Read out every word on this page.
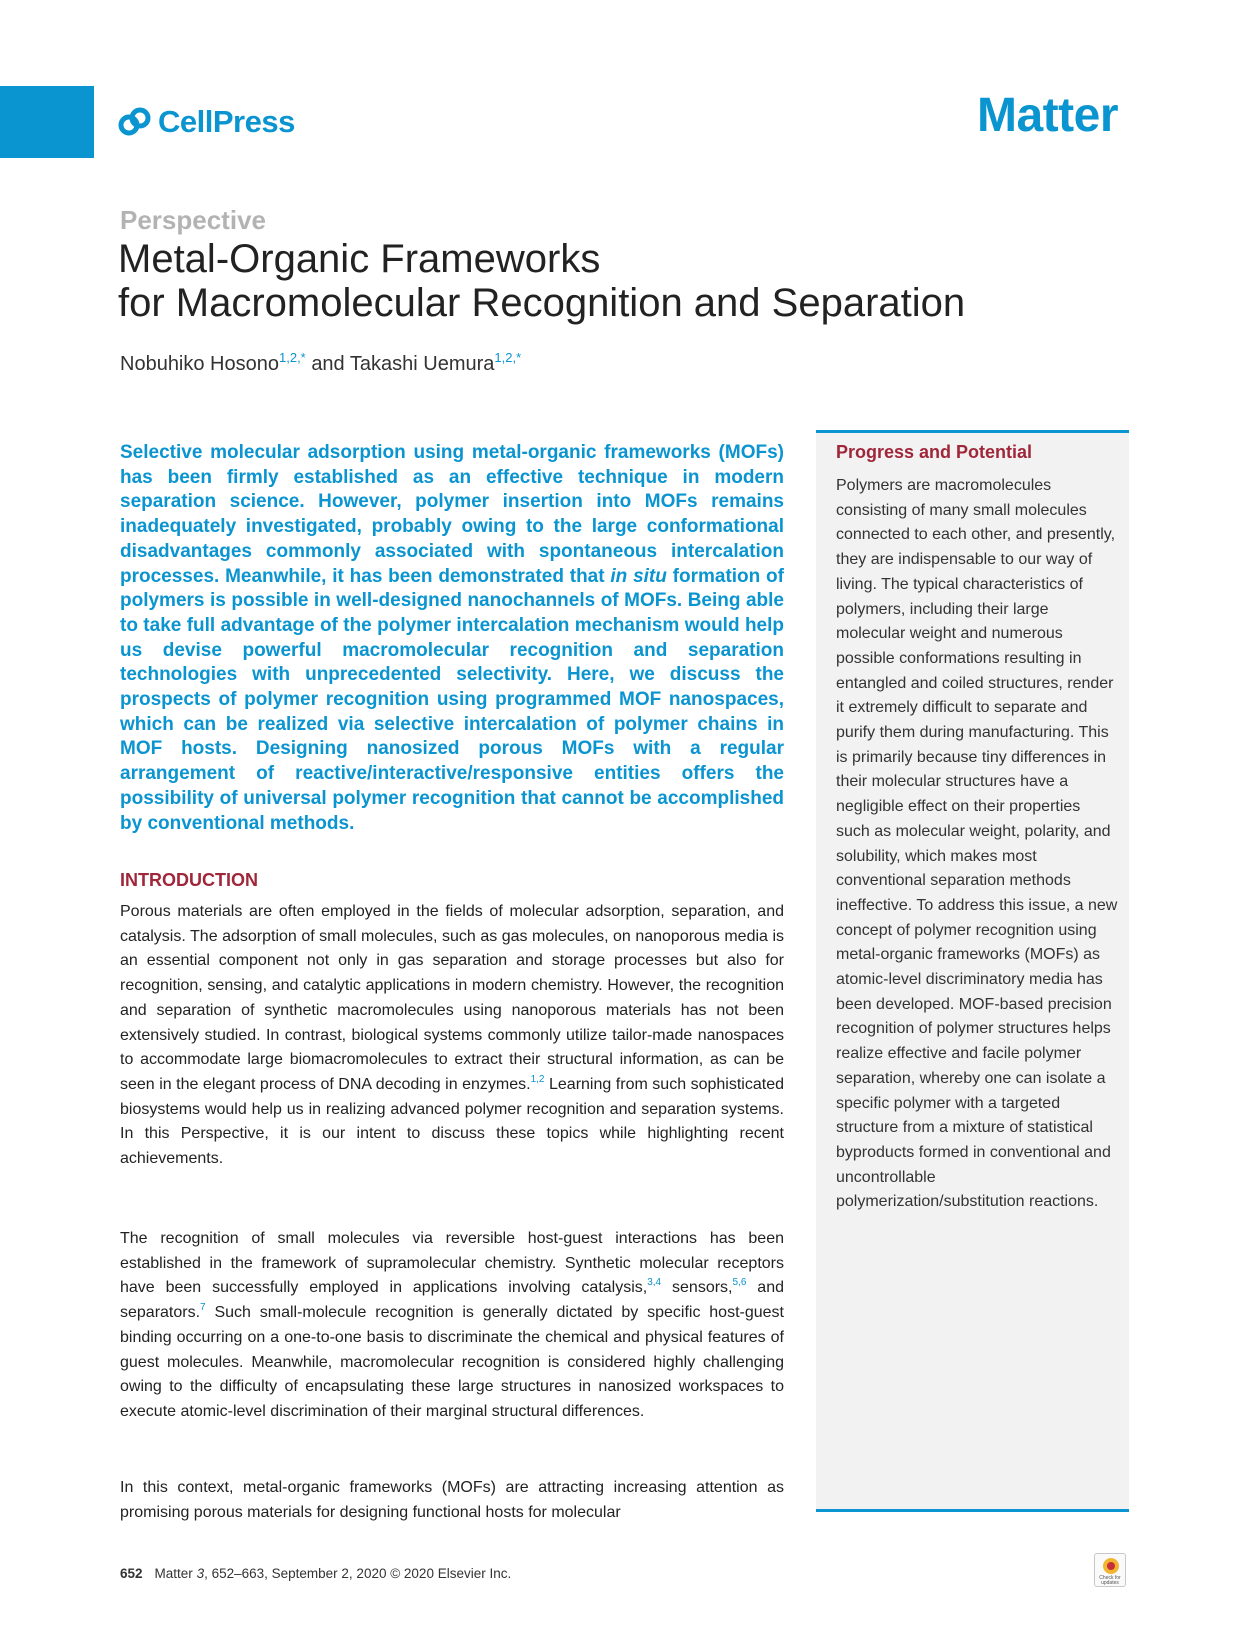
CellPress	Matter
Perspective
Metal-Organic Frameworks
for Macromolecular Recognition and Separation
Nobuhiko Hosono$^{1,2,*}$ and Takashi Uemura$^{1,2,*}$

Selective molecular adsorption using metal-organic frameworks (MOFs) has been firmly established as an effective technique in modern separation science. However, polymer insertion into MOFs remains inadequately investigated, probably owing to the large conformational disadvantages commonly associated with spontaneous intercalation processes. Meanwhile, it has been demonstrated that in situ formation of polymers is possible in well-designed nanochannels of MOFs. Being able to take full advantage of the polymer intercalation mechanism would help us devise powerful macromolecular recognition and separation technologies with unprecedented selectivity. Here, we discuss the prospects of polymer recognition using programmed MOF nanospaces, which can be realized via selective intercalation of polymer chains in MOF hosts. Designing nanosized porous MOFs with a regular arrangement of reactive/interactive/responsive entities offers the possibility of universal polymer recognition that cannot be accomplished by conventional methods.

INTRODUCTION

Porous materials are often employed in the fields of molecular adsorption, separation, and catalysis. The adsorption of small molecules, such as gas molecules, on nanoporous media is an essential component not only in gas separation and storage processes but also for recognition, sensing, and catalytic applications in modern chemistry. However, the recognition and separation of synthetic macromolecules using nanoporous materials has not been extensively studied. In contrast, biological systems commonly utilize tailor-made nanospaces to accommodate large biomacromolecules to extract their structural information, as can be seen in the elegant process of DNA decoding in enzymes.$^{1,2}$ Learning from such sophisticated biosystems would help us in realizing advanced polymer recognition and separation systems. In this Perspective, it is our intent to discuss these topics while highlighting recent achievements.

The recognition of small molecules via reversible host-guest interactions has been established in the framework of supramolecular chemistry. Synthetic molecular receptors have been successfully employed in applications involving catalysis,$^{3,4}$ sensors,$^{5,6}$ and separators.$^7$ Such small-molecule recognition is generally dictated by specific host-guest binding occurring on a one-to-one basis to discriminate the chemical and physical features of guest molecules. Meanwhile, macromolecular recognition is considered highly challenging owing to the difficulty of encapsulating these large structures in nanosized workspaces to execute atomic-level discrimination of their marginal structural differences.

In this context, metal-organic frameworks (MOFs) are attracting increasing attention as promising porous materials for designing functional hosts for molecular

Progress and Potential

Polymers are macromolecules consisting of many small molecules connected to each other, and presently, they are indispensable to our way of living. The typical characteristics of polymers, including their large molecular weight and numerous possible conformations resulting in entangled and coiled structures, render it extremely difficult to separate and purify them during manufacturing. This is primarily because tiny differences in their molecular structures have a negligible effect on their properties such as molecular weight, polarity, and solubility, which makes most conventional separation methods ineffective. To address this issue, a new concept of polymer recognition using metal-organic frameworks (MOFs) as atomic-level discriminatory media has been developed. MOF-based precision recognition of polymer structures helps realize effective and facile polymer separation, whereby one can isolate a specific polymer with a targeted structure from a mixture of statistical byproducts formed in conventional and uncontrollable polymerization/substitution reactions.

652 Matter 3, 652–663, September 2, 2020 © 2020 Elsevier Inc.	Check for updates
